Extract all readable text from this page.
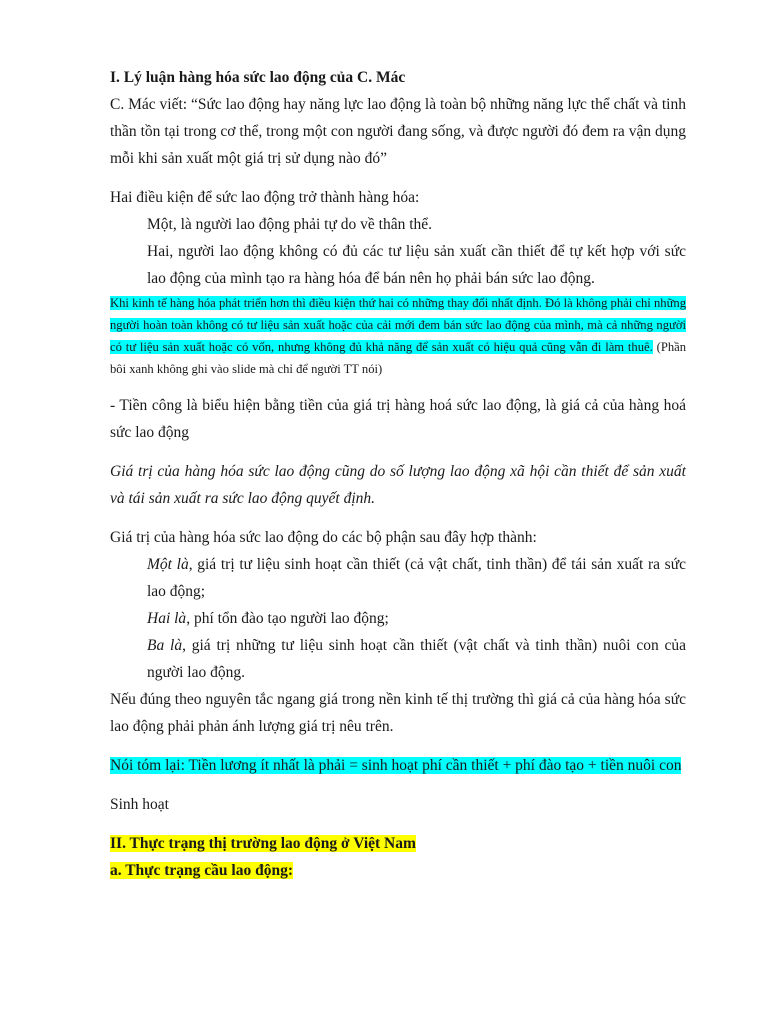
I. Lý luận hàng hóa sức lao động của C. Mác

C. Mác viết: “Sức lao động hay năng lực lao động là toàn bộ những năng lực thể chất và tinh thần tồn tại trong cơ thể, trong một con người đang sống, và được người đó đem ra vận dụng mỗi khi sản xuất một giá trị sử dụng nào đó”

Hai điều kiện để sức lao động trở thành hàng hóa:

Một, là người lao động phải tự do về thân thể.

Hai, người lao động không có đủ các tư liệu sản xuất cần thiết để tự kết hợp với sức lao động của mình tạo ra hàng hóa để bán nên họ phải bán sức lao động.

Khi kinh tế hàng hóa phát triển hơn thì điều kiện thứ hai có những thay đổi nhất định. Đó là không phải chỉ những người hoàn toàn không có tư liệu sản xuất hoặc của cải mới đem bán sức lao động của mình, mà cả những người có tư liệu sản xuất hoặc có vốn, nhưng không đủ khả năng để sản xuất có hiệu quả cũng vẫn đi làm thuê. (Phần bôi xanh không ghi vào slide mà chỉ để người TT nói)

- Tiền công là biểu hiện bằng tiền của giá trị hàng hoá sức lao động, là giá cả của hàng hoá sức lao động

Giá trị của hàng hóa sức lao động cũng do số lượng lao động xã hội cần thiết để sản xuất và tái sản xuất ra sức lao động quyết định.

Giá trị của hàng hóa sức lao động do các bộ phận sau đây hợp thành:

Một là, giá trị tư liệu sinh hoạt cần thiết (cả vật chất, tinh thần) để tái sản xuất ra sức lao động;

Hai là, phí tổn đào tạo người lao động;

Ba là, giá trị những tư liệu sinh hoạt cần thiết (vật chất và tinh thần) nuôi con của người lao động.

Nếu đúng theo nguyên tắc ngang giá trong nền kinh tế thị trường thì giá cả của hàng hóa sức lao động phải phản ánh lượng giá trị nêu trên.

Nói tóm lại: Tiền lương ít nhất là phải = sinh hoạt phí cần thiết + phí đào tạo + tiền nuôi con

Sinh hoạt

II. Thực trạng thị trường lao động ở Việt Nam

a. Thực trạng cầu lao động:
